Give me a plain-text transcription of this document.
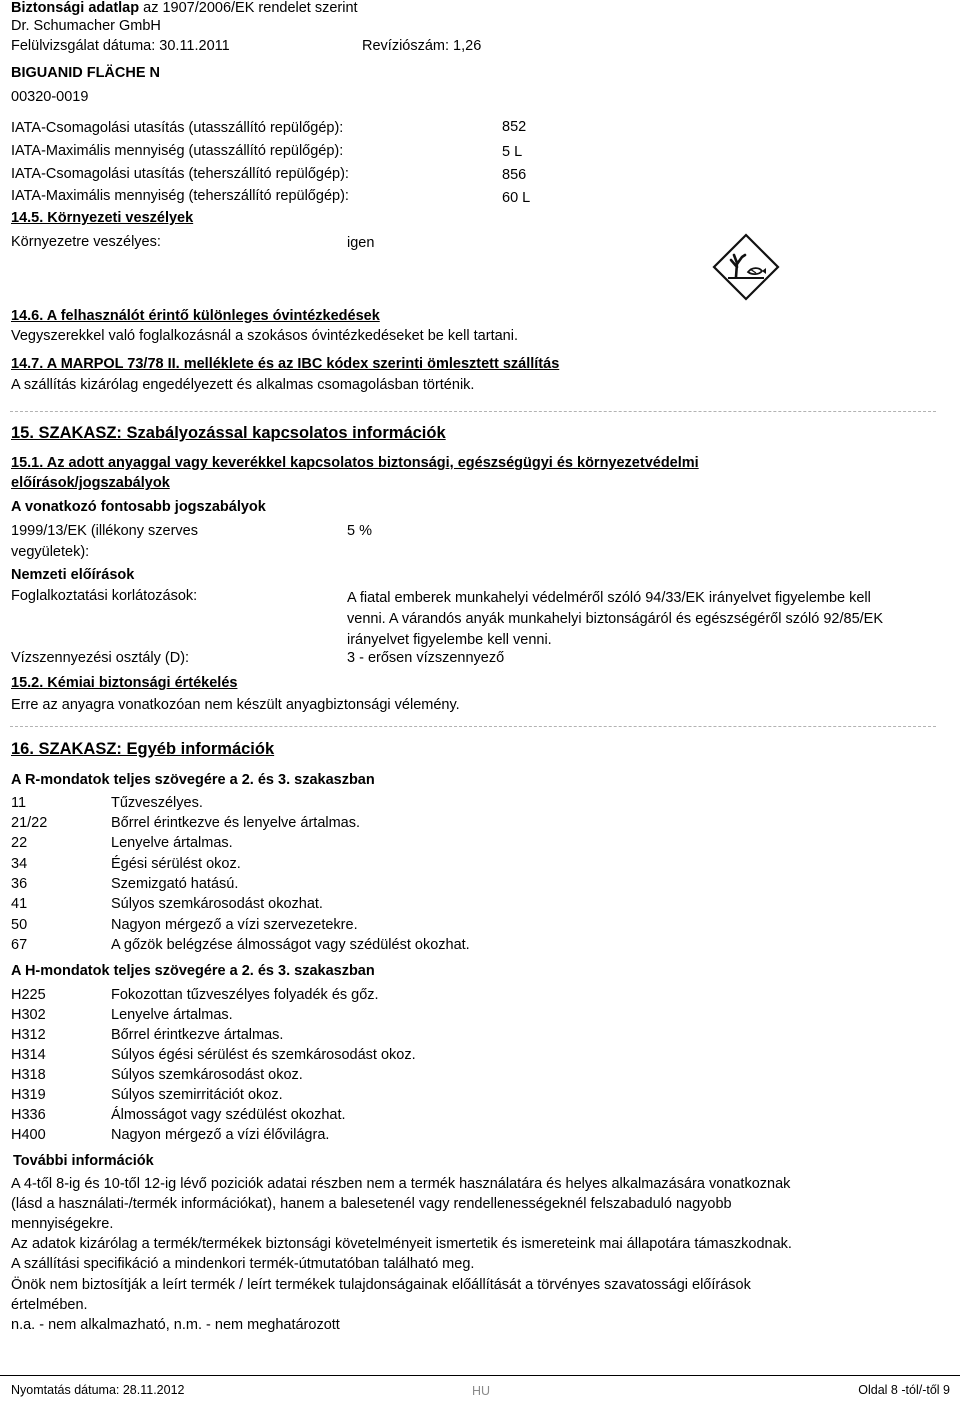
Biztonsági adatlap az 1907/2006/EK rendelet szerint
Dr. Schumacher GmbH
Felülvizsgálat dátuma: 30.11.2011	Revíziószám: 1,26
BIGUANID FLÄCHE N
00320-0019
IATA-Csomagolási utasítás (utasszállító repülőgép):	852
IATA-Maximális mennyiség (utasszállító repülőgép):	5 L
IATA-Csomagolási utasítás (teherszállító repülőgép):	856
IATA-Maximális mennyiség (teherszállító repülőgép):	60 L
14.5. Környezeti veszélyek
Környezetre veszélyes:	igen
14.6. A felhasználót érintő különleges óvintézkedések
Vegyszerekkel való foglalkozásnál a szokásos óvintézkedéseket be kell tartani.
14.7. A MARPOL 73/78 II. melléklete és az IBC kódex szerinti ömlesztett szállítás
A szállítás kizárólag engedélyezett és alkalmas csomagolásban történik.
15. SZAKASZ: Szabályozással kapcsolatos információk
15.1. Az adott anyaggal vagy keverékkel kapcsolatos biztonsági, egészségügyi és környezetvédelmi
előírások/jogszabályok
A vonatkozó fontosabb jogszabályok
1999/13/EK (illékony szerves vegyületek):
5 %
Nemzeti előírások
Foglalkoztatási korlátozások:	A fiatal emberek munkahelyi védelméről szóló 94/33/EK irányelvet figyelembe kell venni. A várandós anyák munkahelyi biztonságáról és egészségéről szóló 92/85/EK irányelvet figyelembe kell venni.
Vízszennyezési osztály (D):	3 - erősen vízszennyező
15.2. Kémiai biztonsági értékelés
Erre az anyagra vonatkozóan nem készült anyagbiztonsági vélemény.
16. SZAKASZ: Egyéb információk
A R-mondatok teljes szövegére a 2. és 3. szakaszban
11	Tűzveszélyes.
21/22	Bőrrel érintkezve és lenyelve ártalmas.
22	Lenyelve ártalmas.
34	Égési sérülést okoz.
36	Szemizgató hatású.
41	Súlyos szemkárosodást okozhat.
50	Nagyon mérgező a vízi szervezetekre.
67	A gőzök belégzése álmosságot vagy szédülést okozhat.
A H-mondatok teljes szövegére a 2. és 3. szakaszban
H225	Fokozottan tűzveszélyes folyadék és gőz.
H302	Lenyelve ártalmas.
H312	Bőrrel érintkezve ártalmas.
H314	Súlyos égési sérülést és szemkárosodást okoz.
H318	Súlyos szemkárosodást okoz.
H319	Súlyos szemirritációt okoz.
H336	Álmosságot vagy szédülést okozhat.
H400	Nagyon mérgező a vízi élővilágra.
További információk
A 4-től 8-ig és 10-től 12-ig lévő poziciók adatai részben nem a termék használatára és helyes alkalmazására vonatkoznak
(lásd a használati-/termék információkat), hanem a balesetenél vagy rendellenességeknél felszabaduló nagyobb
mennyiségekre.
Az adatok kizárólag a termék/termékek biztonsági követelményeit ismertetik és ismereteink mai állapotára támaszkodnak.
A szállítási specifikáció a mindenkori termék-útmutatóban található meg.
Önök nem biztosítják a leírt termék / leírt termékek tulajdonságainak előállítását a törvényes szavatossági előírások
értelmében.
n.a. - nem alkalmazható, n.m. - nem meghatározott
Nyomtatás dátuma: 28.11.2012	HU	Oldal 8 -tól/-től 9
